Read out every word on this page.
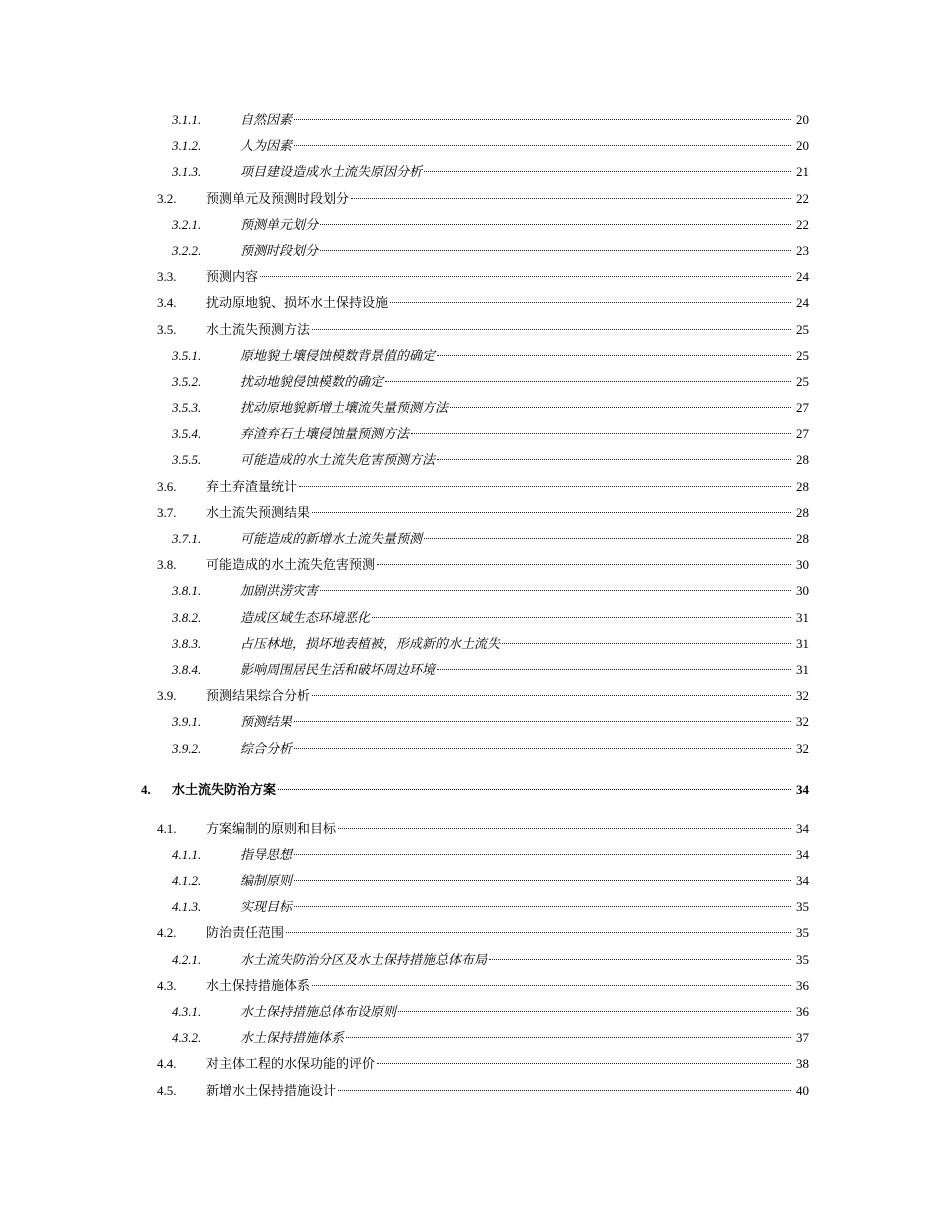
3.1.1.	自然因素	20
3.1.2.	人为因素	20
3.1.3.	项目建设造成水土流失原因分析	21
3.2. 预测单元及预测时段划分	22
3.2.1.	预测单元划分	22
3.2.2.	预测时段划分	23
3.3. 预测内容	24
3.4. 扰动原地貌、损坏水土保持设施	24
3.5. 水土流失预测方法	25
3.5.1.	原地貌土壤侵蚀模数背景值的确定	25
3.5.2.	扰动地貌侵蚀模数的确定	25
3.5.3.	扰动原地貌新增土壤流失量预测方法	27
3.5.4.	弃渣弃石土壤侵蚀量预测方法	27
3.5.5.	可能造成的水土流失危害预测方法	28
3.6. 弃土弃渣量统计	28
3.7. 水土流失预测结果	28
3.7.1.	可能造成的新增水土流失量预测	28
3.8. 可能造成的水土流失危害预测	30
3.8.1.	加剧洪涝灾害	30
3.8.2.	造成区域生态环境恶化	31
3.8.3.	占压林地，损坏地表植被，形成新的水土流失	31
3.8.4.	影响周围居民生活和破坏周边环境	31
3.9. 预测结果综合分析	32
3.9.1.	预测结果	32
3.9.2.	综合分析	32
4. 水土流失防治方案	34
4.1. 方案编制的原则和目标	34
4.1.1.	指导思想	34
4.1.2.	编制原则	34
4.1.3.	实现目标	35
4.2. 防治责任范围	35
4.2.1.	水土流失防治分区及水土保持措施总体布局	35
4.3. 水土保持措施体系	36
4.3.1.	水土保持措施总体布设原则	36
4.3.2.	水土保持措施体系	37
4.4. 对主体工程的水保功能的评价	38
4.5. 新增水土保持措施设计	40
